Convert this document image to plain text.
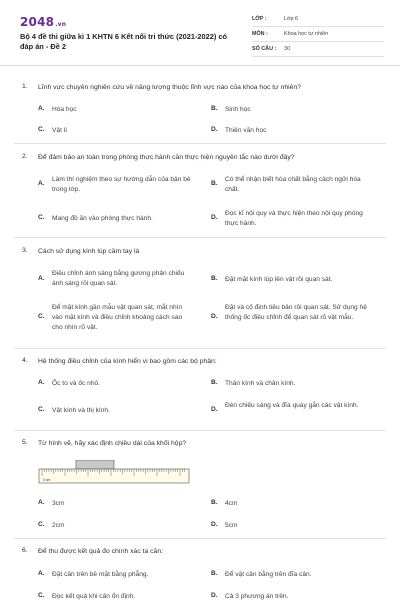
2048.vn
Bộ 4 đề thi giữa kì 1 KHTN 6 Kết nối tri thức (2021-2022) có đáp án - Đề 2
LỚP :	Lớp 6
MÔN :	Khoa học tự nhiên
SỐ CÂU : 30
1. Lĩnh vực chuyên nghiên cứu về năng lượng thuộc lĩnh vực nào của khoa học tự nhiên?
A. Hóa học	B. Sinh học
C. Vật lí	D. Thiên văn học
2. Để đảm bảo an toàn trong phòng thực hành cần thực hiện nguyên tắc nào dưới đây?
A.
Làm thí nghiệm theo sự hướng dẫn của bản bè trong lớp.
B.
Có thể nhận biết hóa chất bằng cách ngửi hóa chất.
C. Mang đồ ăn vào phòng thực hành.	D.
Đọc kĩ nội quy và thực hiện theo nội quy phòng thực hành.
3. Cách sử dụng kính lúp cầm tay là
A.
Điều chỉnh ánh sáng bằng gương phản chiếu ánh sáng rồi quan sát.
B. Đặt mặt kính lúp lên vật rồi quan sát.
C.
Để mặt kính gần mẫu vật quan sát, mắt nhìn vào mặt kính và điều chỉnh khoảng cách sao cho nhìn rõ vật.
D.
Đặt và cố định tiêu bản rồi quan sát. Sử dụng hệ thống ốc điều chỉnh để quan sát rõ vật mẫu.
4. Hệ thống điều chỉnh của kính hiển vi bao gồm các bộ phận:
A. Ốc to và ốc nhỏ.	B. Thân kính và chân kính.
C. Vật kính và thị kính.	D.
Đèn chiếu sáng và đĩa quay gắn các vật kính.
5. Từ hình vẽ, hãy xác định chiều dài của khối hộp?
A. 3cm	B. 4cm
C. 2cm	D. 5cm
0 cm
6. Để thu được kết quả đo chính xác ta cần:
A. Đặt cân trên bề mặt bằng phẳng.	B. Để vật cân bằng trên đĩa cân.
C. Đọc kết quả khi cân ổn định.	D. Cả 3 phương án trên.
